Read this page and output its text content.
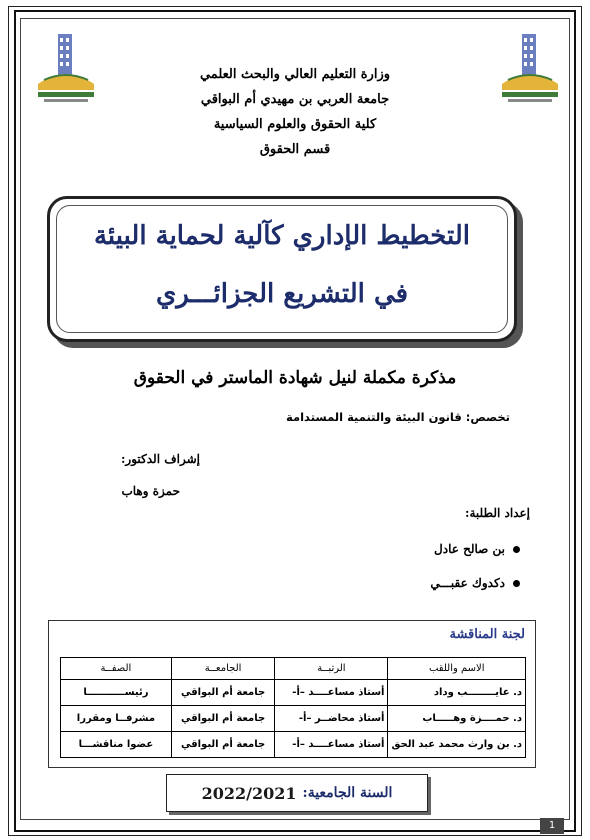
وزارة التعليم العالي والبحث العلمي
جامعة العربي بن مهيدي أم البواقي
كلية الحقوق والعلوم السياسية
قسم الحقوق
التخطيط الإداري كآلية لحماية البيئة
في التشريع الجزائـــري
مذكرة مكملة لنيل شهادة الماستر في الحقوق
تخصص: قانون البيئة والتنمية المستدامة
إشراف الدكتور:
حمزة وهاب
إعداد الطلبة:
بن صالح عادل
دكدوك عقبـــي
لجنة المناقشة
الاسم واللقب	الرتبــة	الجامعــة	الصفــة
د. عايــــــــب وداد	أستاذ مساعــــد –أ-	جامعة أم البواقي	رئيســـــــــــا
د. حمــــزة وهـــــاب	أستاذ محاضــر –أ-	جامعة أم البواقي	مشرفــا ومقررا
د. بن وارث محمد عبد الحق	أستاذ مساعــــد –أ-	جامعة أم البواقي	عضوا مناقشـــا
السنة الجامعية:
2022/2021
1
